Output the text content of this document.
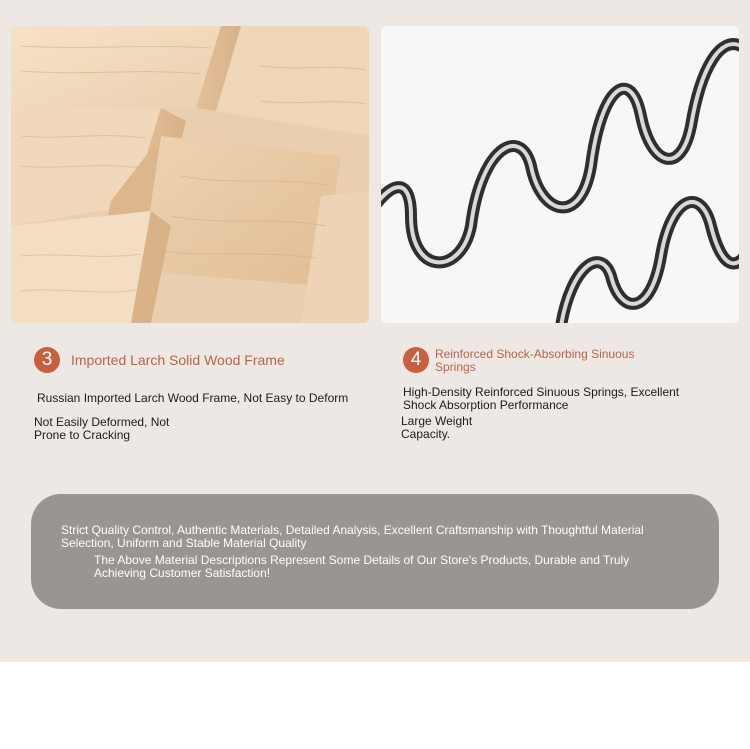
3	Imported Larch Solid Wood Frame
Russian Imported Larch Wood Frame, Not Easy to Deform
Not Easily Deformed, Not
Prone to Cracking
4	Reinforced Shock-Absorbing Sinuous
Springs
High-Density Reinforced Sinuous Springs, Excellent
Shock Absorption Performance
Large Weight
Capacity.
Strict Quality Control, Authentic Materials, Detailed Analysis, Excellent Craftsmanship with Thoughtful Material
Selection, Uniform and Stable Material Quality
The Above Material Descriptions Represent Some Details of Our Store's Products, Durable and Truly
Achieving Customer Satisfaction!
